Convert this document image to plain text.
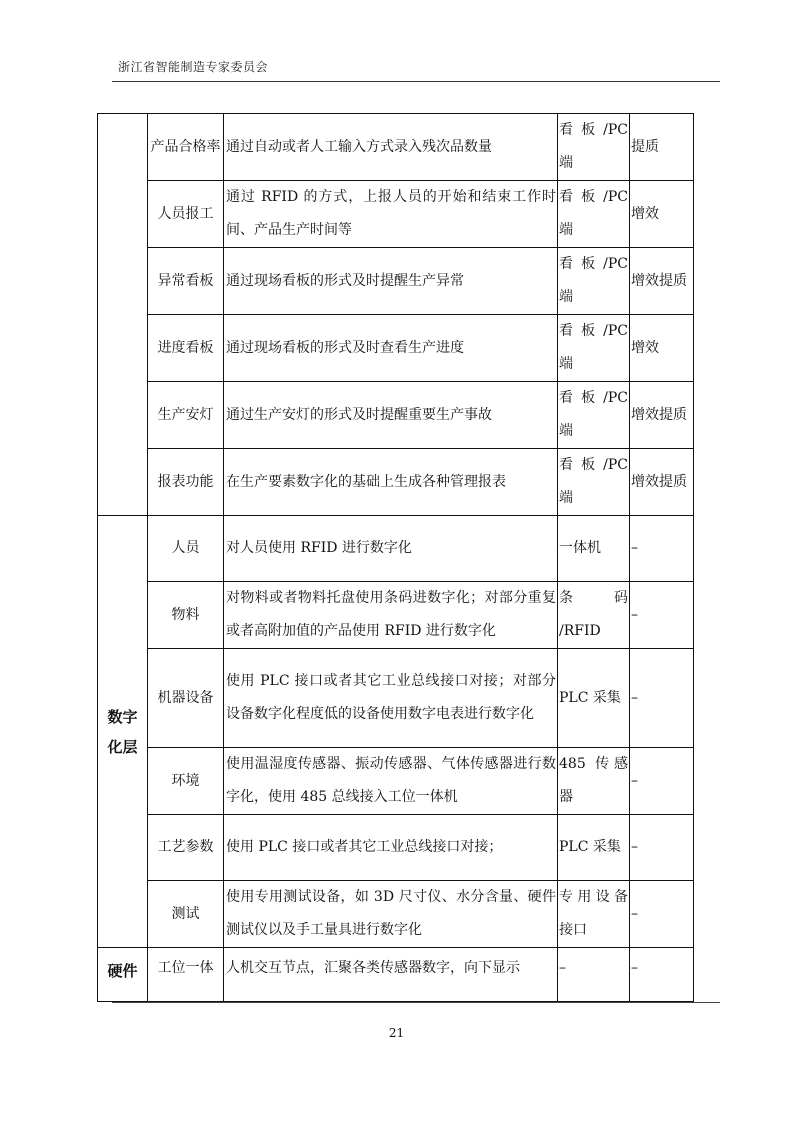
浙江省智能制造专家委员会
	产品合格率	通过自动或者人工输入方式录入残次品数量	看 板 /PC 端	提质
	人员报工	通过 RFID 的方式，上报人员的开始和结束工作时间、产品生产时间等	看 板 /PC 端	增效
	异常看板	通过现场看板的形式及时提醒生产异常	看 板 /PC 端	增效提质
	进度看板	通过现场看板的形式及时查看生产进度	看 板 /PC 端	增效
	生产安灯	通过生产安灯的形式及时提醒重要生产事故	看 板 /PC 端	增效提质
	报表功能	在生产要素数字化的基础上生成各种管理报表	看 板 /PC 端	增效提质
数字化层	人员	对人员使用 RFID 进行数字化	一体机	–
	物料	对物料或者物料托盘使用条码进数字化；对部分重复或者高附加值的产品使用 RFID 进行数字化	条 码 /RFID	–
	机器设备	使用 PLC 接口或者其它工业总线接口对接；对部分设备数字化程度低的设备使用数字电表进行数字化	PLC 采集	–
	环境	使用温湿度传感器、振动传感器、气体传感器进行数字化，使用 485 总线接入工位一体机	485 传感器	–
	工艺参数	使用 PLC 接口或者其它工业总线接口对接；	PLC 采集	–
	测试	使用专用测试设备，如 3D 尺寸仪、水分含量、硬件测试仪以及手工量具进行数字化	专用设备接口	–
硬件	工位一体	人机交互节点，汇聚各类传感器数字，向下显示	–	–
21
